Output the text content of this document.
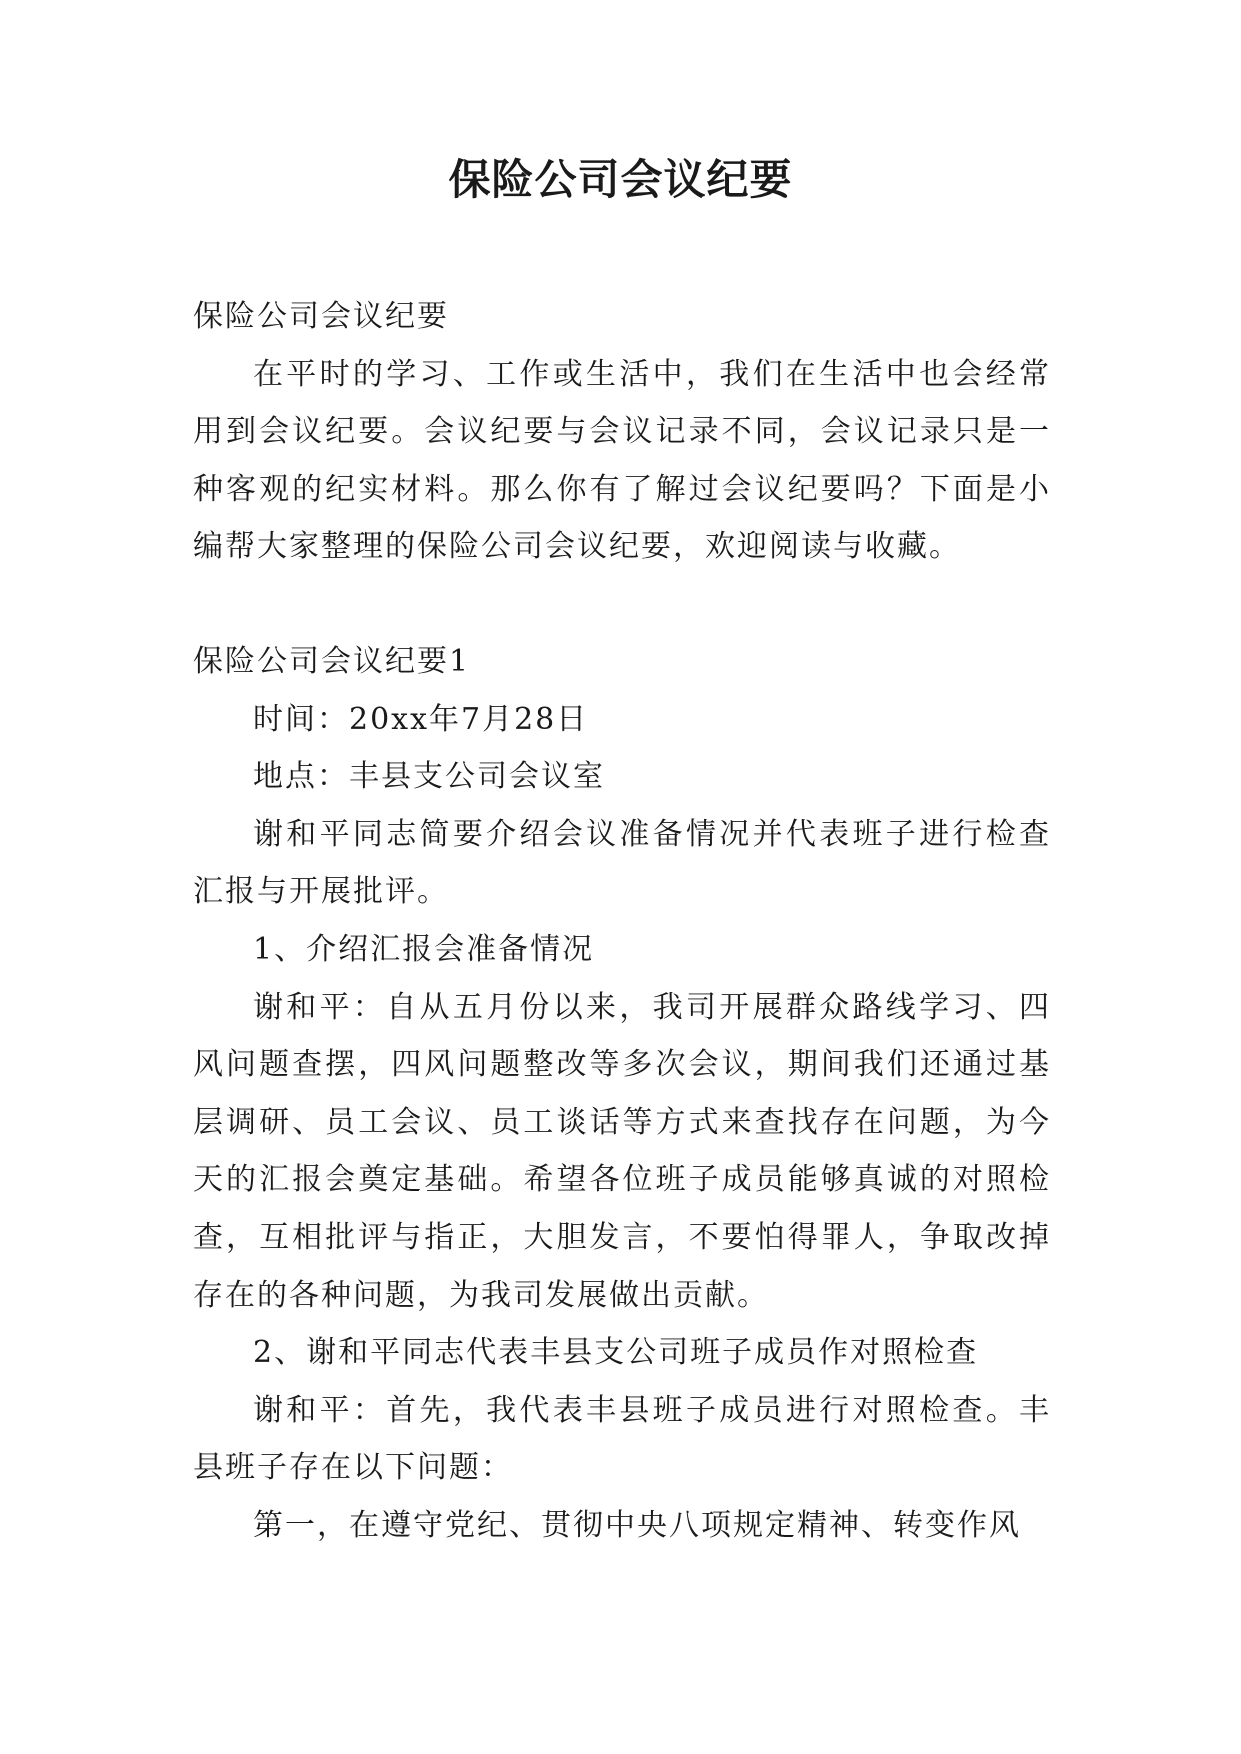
保险公司会议纪要

保险公司会议纪要

在平时的学习、工作或生活中，我们在生活中也会经常用到会议纪要。会议纪要与会议记录不同，会议记录只是一种客观的纪实材料。那么你有了解过会议纪要吗？下面是小编帮大家整理的保险公司会议纪要，欢迎阅读与收藏。

保险公司会议纪要1

时间：20xx年7月28日

地点：丰县支公司会议室

谢和平同志简要介绍会议准备情况并代表班子进行检查汇报与开展批评。

1、介绍汇报会准备情况

谢和平：自从五月份以来，我司开展群众路线学习、四风问题查摆，四风问题整改等多次会议，期间我们还通过基层调研、员工会议、员工谈话等方式来查找存在问题，为今天的汇报会奠定基础。希望各位班子成员能够真诚的对照检查，互相批评与指正，大胆发言，不要怕得罪人，争取改掉存在的各种问题，为我司发展做出贡献。

2、谢和平同志代表丰县支公司班子成员作对照检查

谢和平：首先，我代表丰县班子成员进行对照检查。丰县班子存在以下问题：

第一，在遵守党纪、贯彻中央八项规定精神、转变作风
